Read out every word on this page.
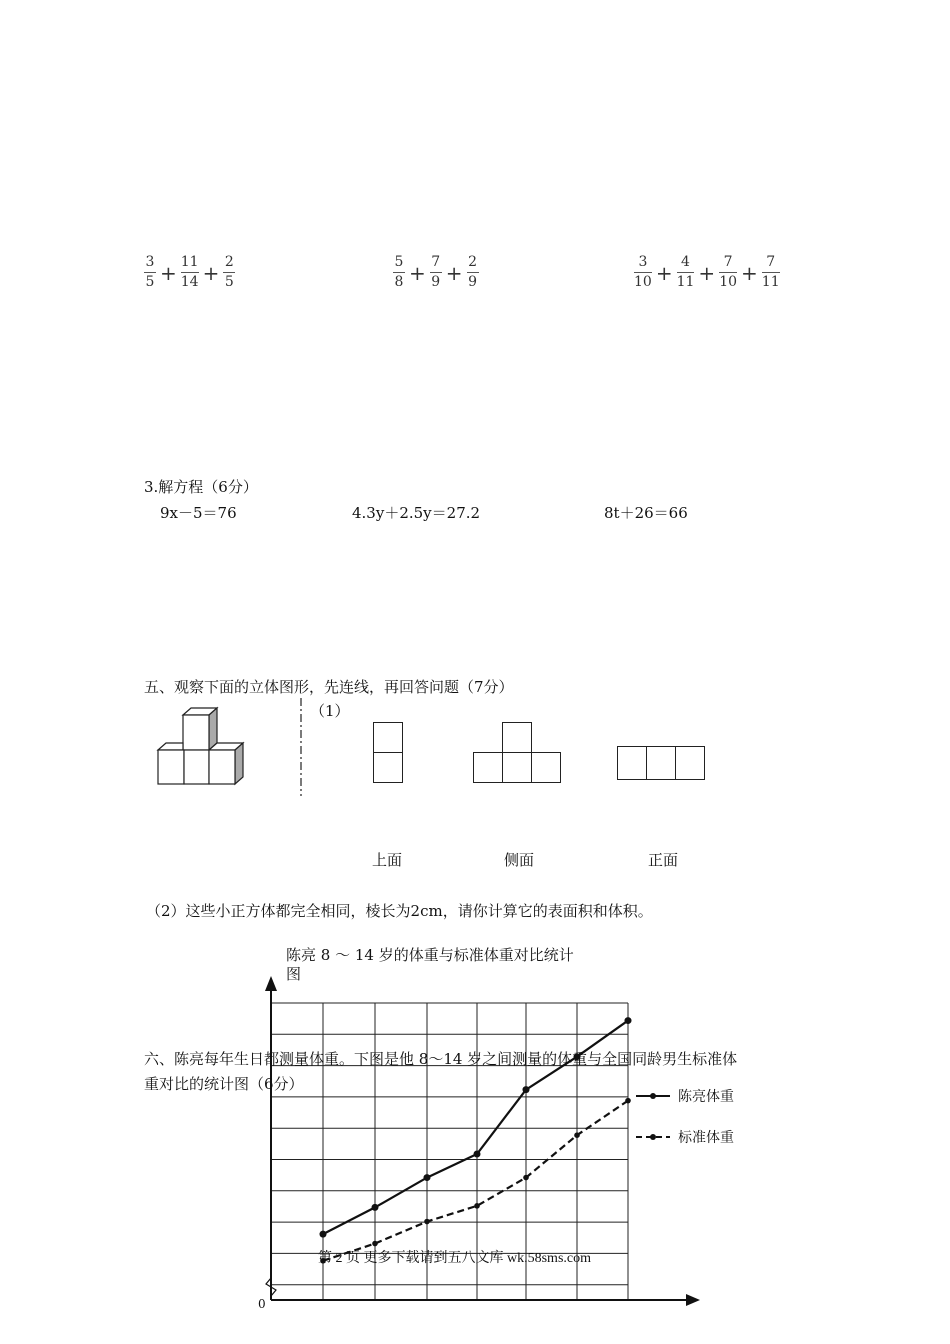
$\frac{3}{5} + \frac{11}{14} + \frac{2}{5}$	$\frac{5}{8} + \frac{7}{9} + \frac{2}{9}$	$\frac{3}{10} + \frac{4}{11} + \frac{7}{10} + \frac{7}{11}$
3.解方程（6分）
9x－5＝76	4.3y＋2.5y＝27.2	8t＋26＝66
五、观察下面的立体图形，先连线，再回答问题（7分）
（1）
上面	侧面	正面
（2）这些小正方体都完全相同，棱长为2cm，请你计算它的表面积和体积。
陈亮 8 ～ 14 岁的体重与标准体重对比统计
图
陈亮体重
标准体重
0
六、陈亮每年生日都测量体重。下图是他 8～14 岁之间测量的体重与全国同龄男生标准体
重对比的统计图（6分）
第 2 页 更多下载请到五八文库 wk.58sms.com
